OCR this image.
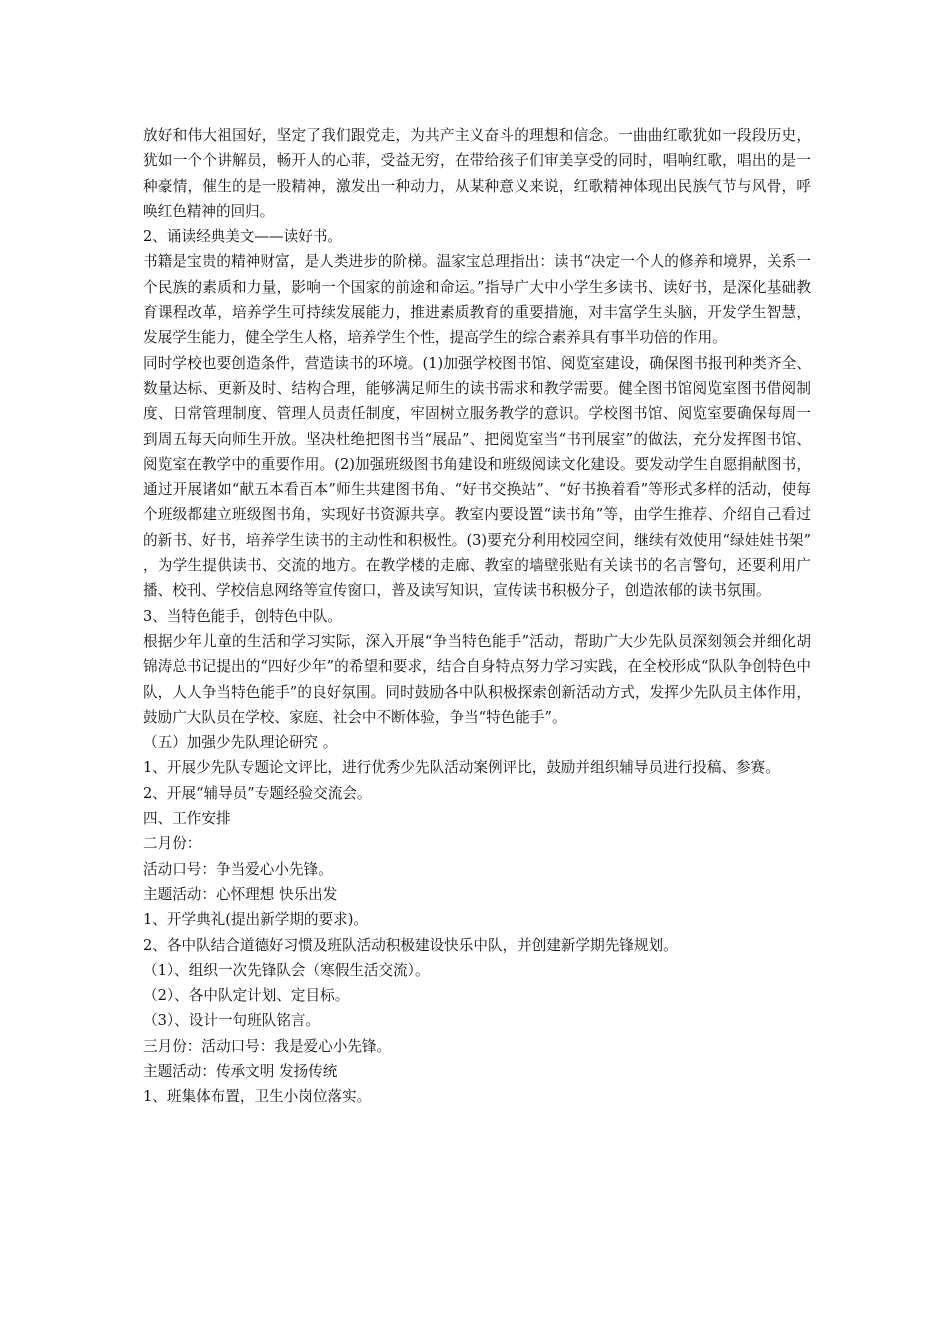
放好和伟大祖国好，坚定了我们跟党走，为共产主义奋斗的理想和信念。一曲曲红歌犹如一段段历史，犹如一个个讲解员，畅开人的心菲，受益无穷，在带给孩子们审美享受的同时，唱响红歌，唱出的是一种豪情，催生的是一股精神，激发出一种动力，从某种意义来说，红歌精神体现出民族气节与风骨，呼唤红色精神的回归。

2、诵读经典美文——读好书。

书籍是宝贵的精神财富，是人类进步的阶梯。温家宝总理指出：读书“决定一个人的修养和境界，关系一个民族的素质和力量，影响一个国家的前途和命运。”指导广大中小学生多读书、读好书，是深化基础教育课程改革，培养学生可持续发展能力，推进素质教育的重要措施，对丰富学生头脑，开发学生智慧，发展学生能力，健全学生人格，培养学生个性，提高学生的综合素养具有事半功倍的作用。

同时学校也要创造条件，营造读书的环境。(1)加强学校图书馆、阅览室建设，确保图书报刊种类齐全、数量达标、更新及时、结构合理，能够满足师生的读书需求和教学需要。健全图书馆阅览室图书借阅制度、日常管理制度、管理人员责任制度，牢固树立服务教学的意识。学校图书馆、阅览室要确保每周一到周五每天向师生开放。坚决杜绝把图书当“展品”、把阅览室当“书刊展室”的做法，充分发挥图书馆、阅览室在教学中的重要作用。(2)加强班级图书角建设和班级阅读文化建设。要发动学生自愿捐献图书，通过开展诸如“献五本看百本”师生共建图书角、“好书交换站”、“好书换着看”等形式多样的活动，使每个班级都建立班级图书角，实现好书资源共享。教室内要设置“读书角”等，由学生推荐、介绍自己看过的新书、好书，培养学生读书的主动性和积极性。(3)要充分利用校园空间，继续有效使用“绿娃娃书架”，为学生提供读书、交流的地方。在教学楼的走廊、教室的墙壁张贴有关读书的名言警句，还要利用广播、校刊、学校信息网络等宣传窗口，普及读写知识，宣传读书积极分子，创造浓郁的读书氛围。

3、当特色能手，创特色中队。

根据少年儿童的生活和学习实际，深入开展“争当特色能手”活动，帮助广大少先队员深刻领会并细化胡锦涛总书记提出的“四好少年”的希望和要求，结合自身特点努力学习实践，在全校形成“队队争创特色中队，人人争当特色能手”的良好氛围。同时鼓励各中队积极探索创新活动方式，发挥少先队员主体作用，鼓励广大队员在学校、家庭、社会中不断体验，争当“特色能手”。

（五）加强少先队理论研究 。

1、开展少先队专题论文评比，进行优秀少先队活动案例评比，鼓励并组织辅导员进行投稿、参赛。

2、开展“辅导员”专题经验交流会。

四、工作安排

二月份：

活动口号：争当爱心小先锋。

主题活动：心怀理想 快乐出发

1、开学典礼(提出新学期的要求)。

2、各中队结合道德好习惯及班队活动积极建设快乐中队，并创建新学期先锋规划。

（1）、组织一次先锋队会（寒假生活交流）。

（2）、各中队定计划、定目标。

（3）、设计一句班队铭言。

三月份：活动口号：我是爱心小先锋。

主题活动：传承文明 发扬传统

1、班集体布置，卫生小岗位落实。
